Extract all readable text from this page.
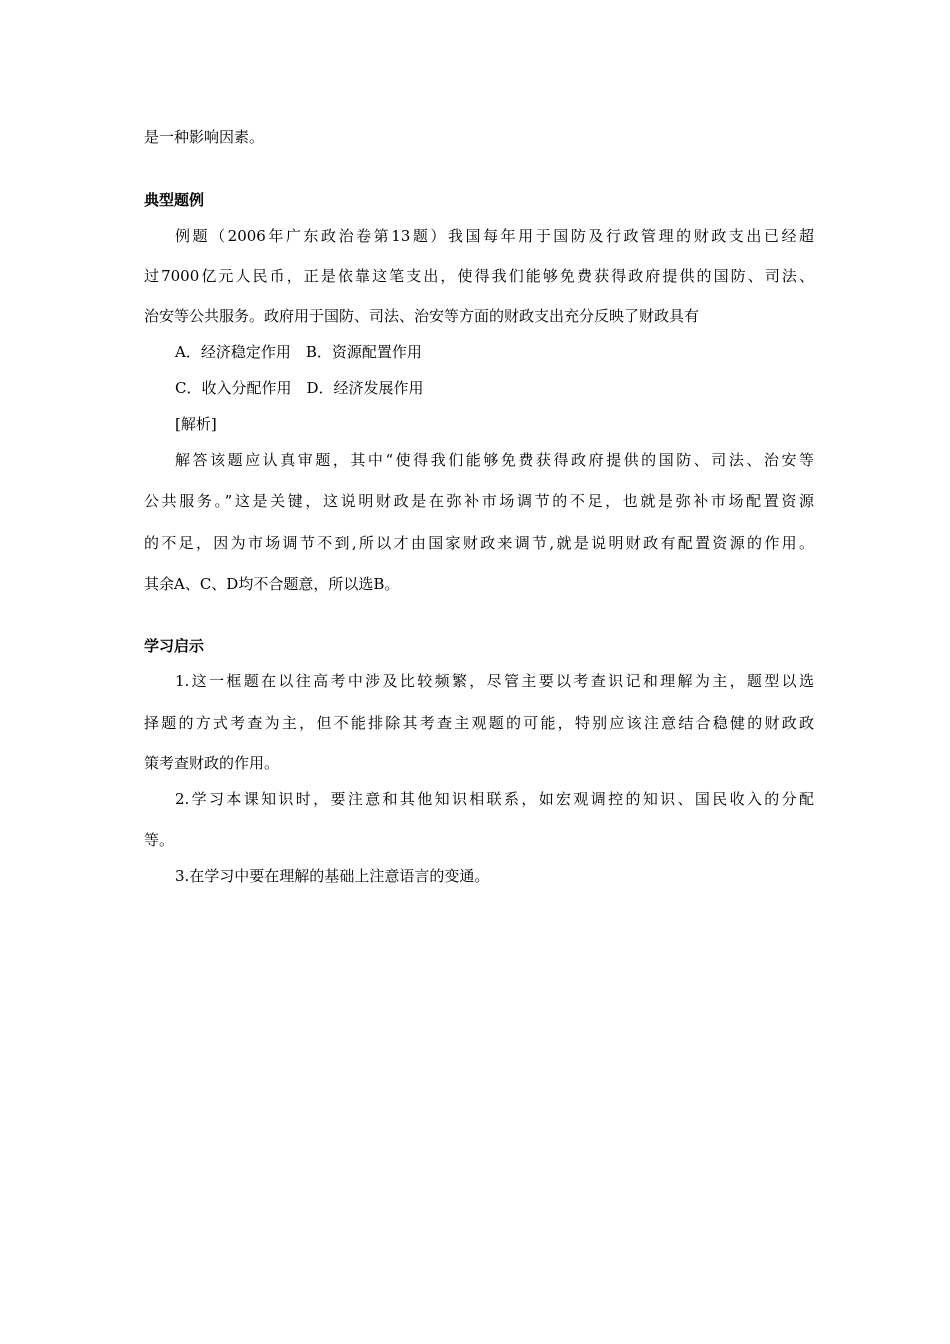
是一种影响因素。
典型题例
例题（2006年广东政治卷第13题）我国每年用于国防及行政管理的财政支出已经超
过7000亿元人民币，正是依靠这笔支出，使得我们能够免费获得政府提供的国防、司法、
治安等公共服务。政府用于国防、司法、治安等方面的财政支出充分反映了财政具有
A．经济稳定作用　B．资源配置作用
C．收入分配作用　D．经济发展作用
[解析]
解答该题应认真审题，其中“使得我们能够免费获得政府提供的国防、司法、治安等
公共服务。”这是关键，这说明财政是在弥补市场调节的不足，也就是弥补市场配置资源
的不足，因为市场调节不到,所以才由国家财政来调节,就是说明财政有配置资源的作用。
其余A、C、D均不合题意，所以选B。
学习启示
1.这一框题在以往高考中涉及比较频繁，尽管主要以考查识记和理解为主，题型以选
择题的方式考查为主，但不能排除其考查主观题的可能，特别应该注意结合稳健的财政政
策考查财政的作用。
2.学习本课知识时，要注意和其他知识相联系，如宏观调控的知识、国民收入的分配
等。
3.在学习中要在理解的基础上注意语言的变通。
